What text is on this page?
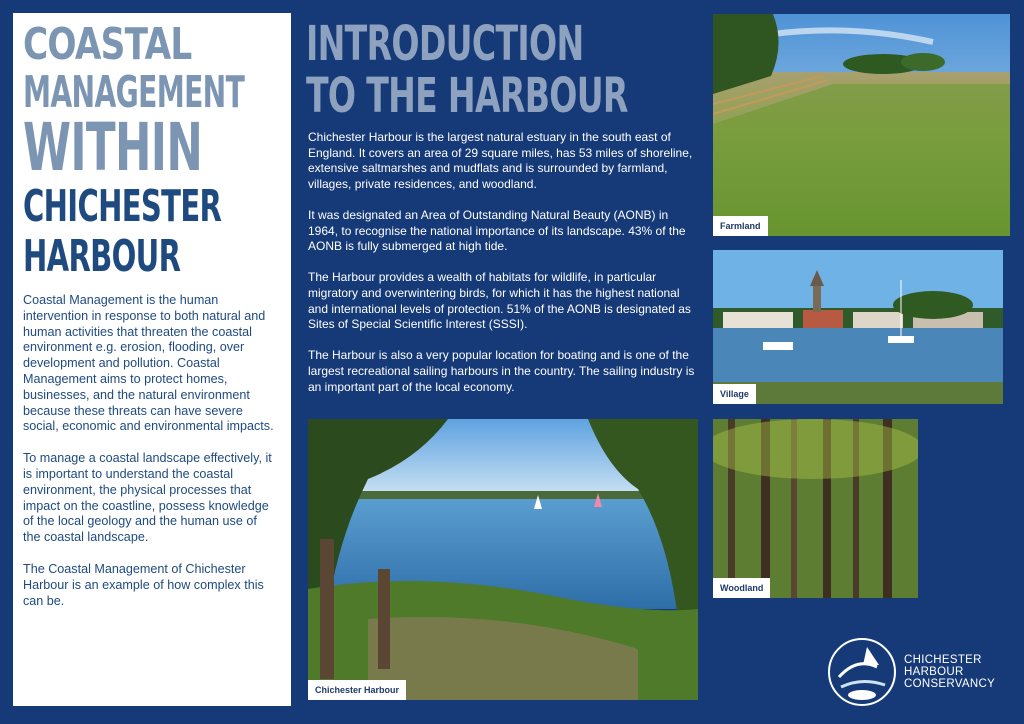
COASTAL
MANAGEMENT
WITHIN
CHICHESTER
HARBOUR

Coastal Management is the human intervention in response to both natural and human activities that threaten the coastal environment e.g. erosion, flooding, over development and pollution. Coastal Management aims to protect homes, businesses, and the natural environment because these threats can have severe social, economic and environmental impacts.

To manage a coastal landscape effectively, it is important to understand the coastal environment, the physical processes that impact on the coastline, possess knowledge of the local geology and the human use of the coastal landscape.

The Coastal Management of Chichester Harbour is an example of how complex this can be.

INTRODUCTION
TO THE HARBOUR

Chichester Harbour is the largest natural estuary in the south east of England. It covers an area of 29 square miles, has 53 miles of shoreline, extensive saltmarshes and mudflats and is surrounded by farmland, villages, private residences, and woodland.

It was designated an Area of Outstanding Natural Beauty (AONB) in 1964, to recognise the national importance of its landscape. 43% of the AONB is fully submerged at high tide.

The Harbour provides a wealth of habitats for wildlife, in particular migratory and overwintering birds, for which it has the highest national and international levels of protection. 51% of the AONB is designated as Sites of Special Scientific Interest (SSSI).

The Harbour is also a very popular location for boating and is one of the largest recreational sailing harbours in the country. The sailing industry is an important part of the local economy.

Farmland
Village
Chichester Harbour
Woodland
CHICHESTER
HARBOUR
CONSERVANCY
